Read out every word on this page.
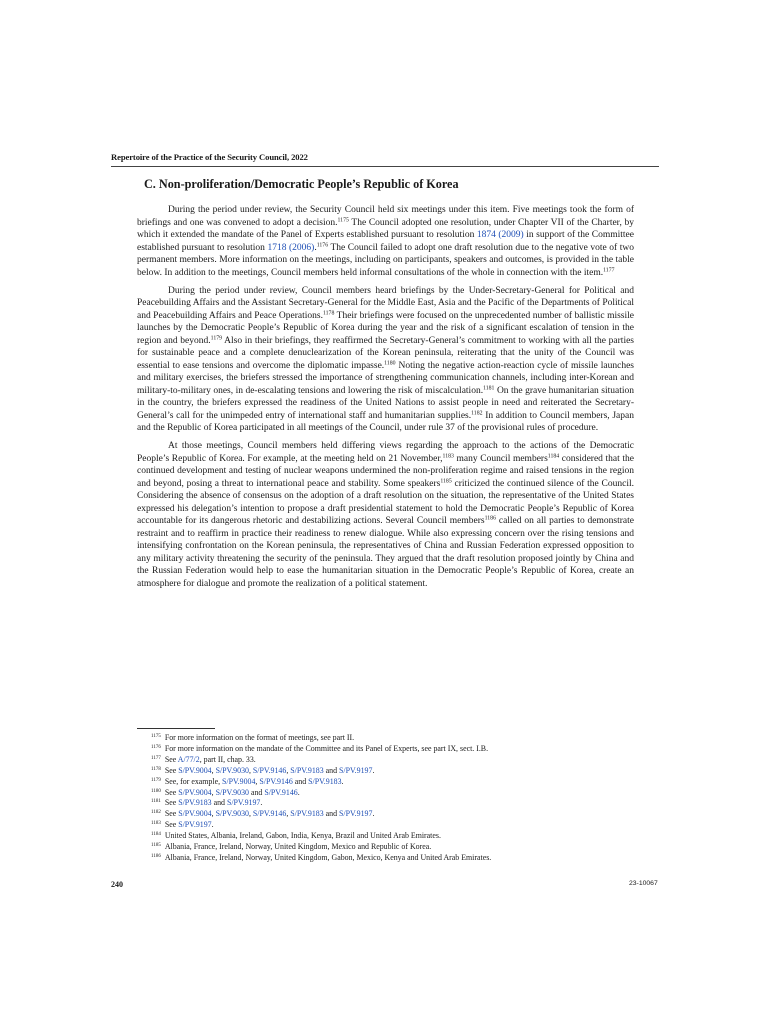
Repertoire of the Practice of the Security Council, 2022
C. Non-proliferation/Democratic People’s Republic of Korea

During the period under review, the Security Council held six meetings under this item. Five meetings took the form of briefings and one was convened to adopt a decision.$^{1175}$ The Council adopted one resolution, under Chapter VII of the Charter, by which it extended the mandate of the Panel of Experts established pursuant to resolution 1874 (2009) in support of the Committee established pursuant to resolution 1718 (2006).$^{1176}$ The Council failed to adopt one draft resolution due to the negative vote of two permanent members. More information on the meetings, including on participants, speakers and outcomes, is provided in the table below. In addition to the meetings, Council members held informal consultations of the whole in connection with the item.$^{1177}$

During the period under review, Council members heard briefings by the Under-Secretary-General for Political and Peacebuilding Affairs and the Assistant Secretary-General for the Middle East, Asia and the Pacific of the Departments of Political and Peacebuilding Affairs and Peace Operations.$^{1178}$ Their briefings were focused on the unprecedented number of ballistic missile launches by the Democratic People’s Republic of Korea during the year and the risk of a significant escalation of tension in the region and beyond.$^{1179}$ Also in their briefings, they reaffirmed the Secretary-General’s commitment to working with all the parties for sustainable peace and a complete denuclearization of the Korean peninsula, reiterating that the unity of the Council was essential to ease tensions and overcome the diplomatic impasse.$^{1180}$ Noting the negative action-reaction cycle of missile launches and military exercises, the briefers stressed the importance of strengthening communication channels, including inter-Korean and military-to-military ones, in de-escalating tensions and lowering the risk of miscalculation.$^{1181}$ On the grave humanitarian situation in the country, the briefers expressed the readiness of the United Nations to assist people in need and reiterated the Secretary-General’s call for the unimpeded entry of international staff and humanitarian supplies.$^{1182}$ In addition to Council members, Japan and the Republic of Korea participated in all meetings of the Council, under rule 37 of the provisional rules of procedure.

At those meetings, Council members held differing views regarding the approach to the actions of the Democratic People’s Republic of Korea. For example, at the meeting held on 21 November,$^{1183}$ many Council members$^{1184}$ considered that the continued development and testing of nuclear weapons undermined the non-proliferation regime and raised tensions in the region and beyond, posing a threat to international peace and stability. Some speakers$^{1185}$ criticized the continued silence of the Council. Considering the absence of consensus on the adoption of a draft resolution on the situation, the representative of the United States expressed his delegation’s intention to propose a draft presidential statement to hold the Democratic People’s Republic of Korea accountable for its dangerous rhetoric and destabilizing actions. Several Council members$^{1186}$ called on all parties to demonstrate restraint and to reaffirm in practice their readiness to renew dialogue. While also expressing concern over the rising tensions and intensifying confrontation on the Korean peninsula, the representatives of China and Russian Federation expressed opposition to any military activity threatening the security of the peninsula. They argued that the draft resolution proposed jointly by China and the Russian Federation would help to ease the humanitarian situation in the Democratic People’s Republic of Korea, create an atmosphere for dialogue and promote the realization of a political statement.

$^{1175}$ For more information on the format of meetings, see part II.
$^{1176}$ For more information on the mandate of the Committee and its Panel of Experts, see part IX, sect. I.B.
$^{1177}$ See A/77/2, part II, chap. 33.
$^{1178}$ See S/PV.9004, S/PV.9030, S/PV.9146, S/PV.9183 and S/PV.9197.
$^{1179}$ See, for example, S/PV.9004, S/PV.9146 and S/PV.9183.
$^{1180}$ See S/PV.9004, S/PV.9030 and S/PV.9146.
$^{1181}$ See S/PV.9183 and S/PV.9197.
$^{1182}$ See S/PV.9004, S/PV.9030, S/PV.9146, S/PV.9183 and S/PV.9197.
$^{1183}$ See S/PV.9197.
$^{1184}$ United States, Albania, Ireland, Gabon, India, Kenya, Brazil and United Arab Emirates.
$^{1185}$ Albania, France, Ireland, Norway, United Kingdom, Mexico and Republic of Korea.
$^{1186}$ Albania, France, Ireland, Norway, United Kingdom, Gabon, Mexico, Kenya and United Arab Emirates.
240	23-10067
